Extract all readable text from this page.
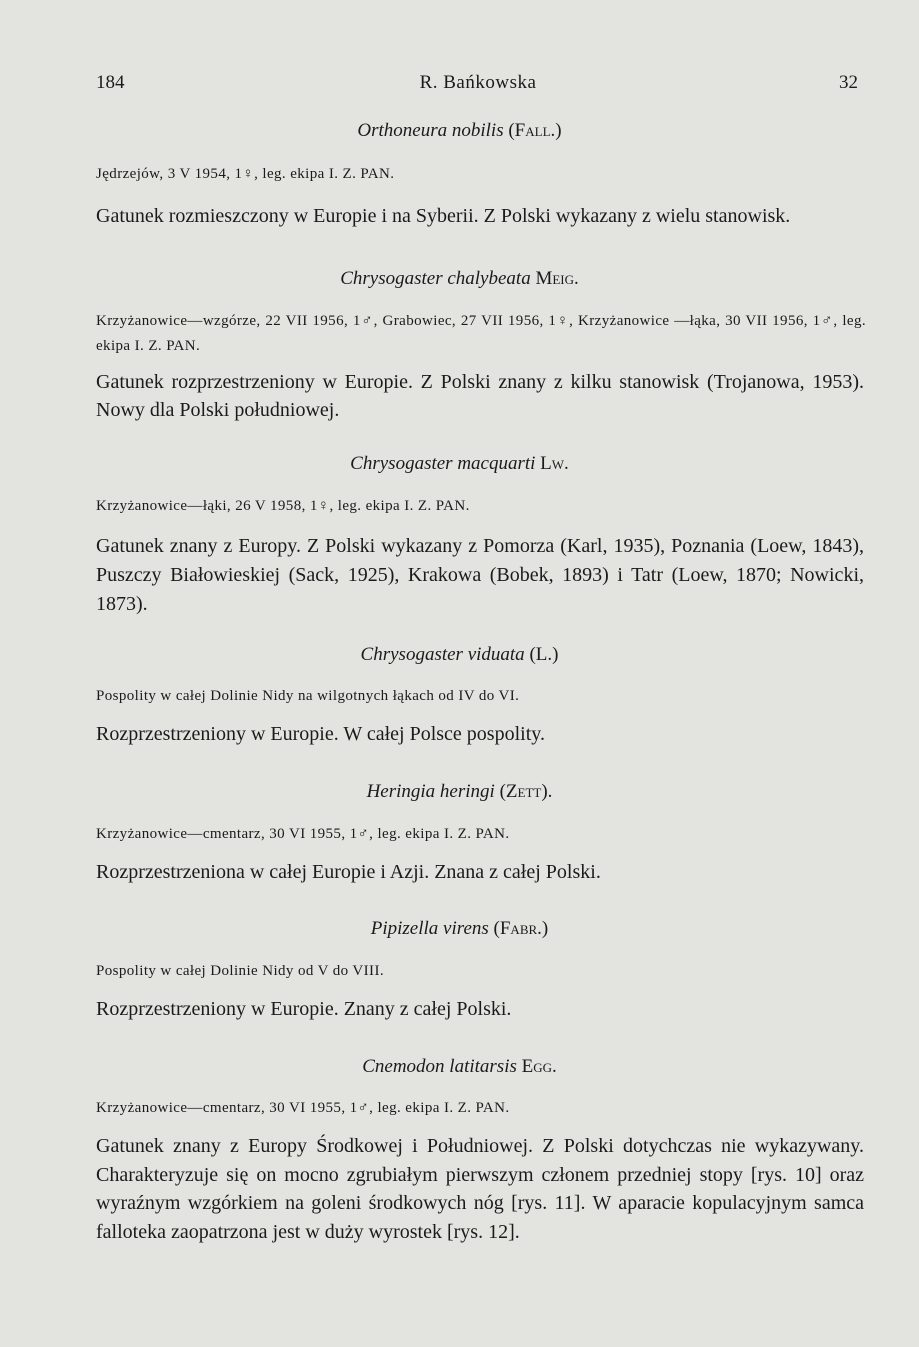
184	R. Bańkowska	32
Orthoneura nobilis (Fall.)
Jędrzejów, 3 V 1954, 1♀, leg. ekipa I. Z. PAN.
Gatunek rozmieszczony w Europie i na Syberii. Z Polski wykazany z wielu stanowisk.
Chrysogaster chalybeata Meig.
Krzyżanowice—wzgórze, 22 VII 1956, 1♂, Grabowiec, 27 VII 1956, 1♀, Krzyżanowice —łąka, 30 VII 1956, 1♂, leg. ekipa I. Z. PAN.
Gatunek rozprzestrzeniony w Europie. Z Polski znany z kilku stanowisk (Trojanowa, 1953). Nowy dla Polski południowej.
Chrysogaster macquarti Lw.
Krzyżanowice—łąki, 26 V 1958, 1♀, leg. ekipa I. Z. PAN.
Gatunek znany z Europy. Z Polski wykazany z Pomorza (Karl, 1935), Poznania (Loew, 1843), Puszczy Białowieskiej (Sack, 1925), Krakowa (Bobek, 1893) i Tatr (Loew, 1870; Nowicki, 1873).
Chrysogaster viduata (L.)
Pospolity w całej Dolinie Nidy na wilgotnych łąkach od IV do VI.
Rozprzestrzeniony w Europie. W całej Polsce pospolity.
Heringia heringi (Zett).
Krzyżanowice—cmentarz, 30 VI 1955, 1♂, leg. ekipa I. Z. PAN.
Rozprzestrzeniona w całej Europie i Azji. Znana z całej Polski.
Pipizella virens (Fabr.)
Pospolity w całej Dolinie Nidy od V do VIII.
Rozprzestrzeniony w Europie. Znany z całej Polski.
Cnemodon latitarsis Egg.
Krzyżanowice—cmentarz, 30 VI 1955, 1♂, leg. ekipa I. Z. PAN.
Gatunek znany z Europy Środkowej i Południowej. Z Polski dotychczas nie wykazywany. Charakteryzuje się on mocno zgrubiałym pierwszym członem przedniej stopy [rys. 10] oraz wyraźnym wzgórkiem na goleni środkowych nóg [rys. 11]. W aparacie kopulacyjnym samca falloteka zaopatrzona jest w duży wyrostek [rys. 12].
